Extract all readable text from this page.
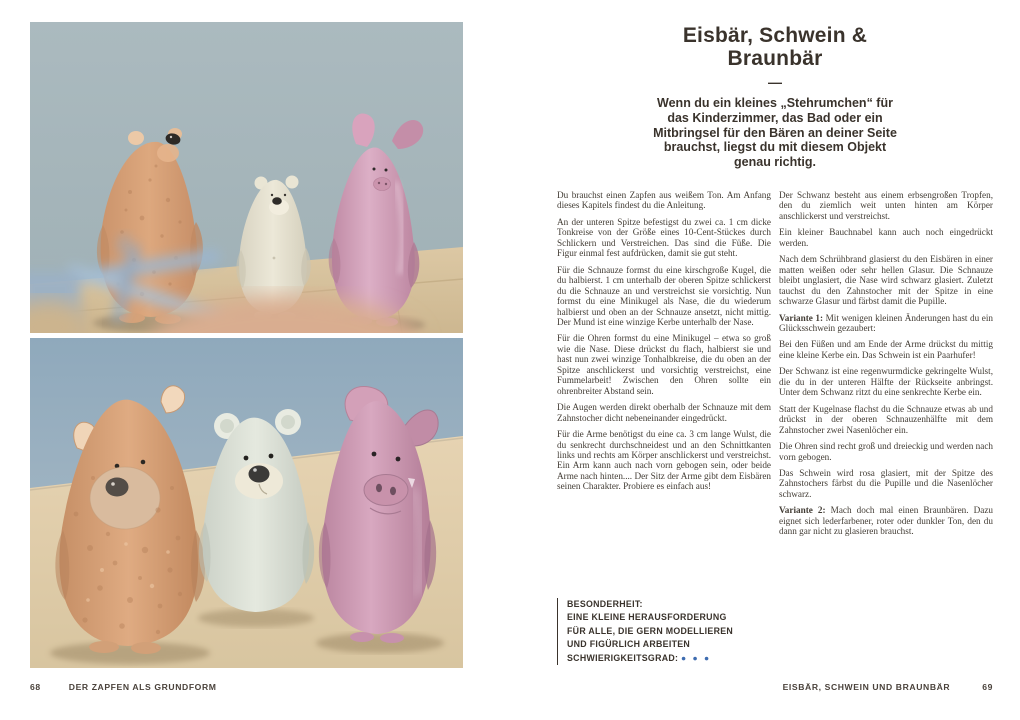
Eisbär, Schwein &
Braunbär
—

Wenn du ein kleines „Stehrumchen“ für das Kinderzimmer, das Bad oder ein Mitbringsel für den Bären an deiner Seite brauchst, liegst du mit diesem Objekt genau richtig.

Du brauchst einen Zapfen aus weißem Ton. Am Anfang dieses Kapitels findest du die Anleitung.

An der unteren Spitze befestigst du zwei ca. 1 cm dicke Tonkreise von der Größe eines 10-Cent-Stückes durch Schlickern und Verstreichen. Das sind die Füße. Die Figur einmal fest aufdrücken, damit sie gut steht.

Für die Schnauze formst du eine kirschgroße Kugel, die du halbierst. 1 cm unterhalb der oberen Spitze schlickerst du die Schnauze an und verstreichst sie vorsichtig. Nun formst du eine Minikugel als Nase, die du wiederum halbierst und oben an der Schnauze ansetzt, nicht mittig. Der Mund ist eine winzige Kerbe unterhalb der Nase.

Für die Ohren formst du eine Minikugel – etwa so groß wie die Nase. Diese drückst du flach, halbierst sie und hast nun zwei winzige Tonhalbkreise, die du oben an der Spitze anschlickerst und vorsichtig verstreichst, eine Fummelarbeit! Zwischen den Ohren sollte ein ohrenbreiter Abstand sein.

Die Augen werden direkt oberhalb der Schnauze mit dem Zahnstocher dicht nebeneinander eingedrückt.

Für die Arme benötigst du eine ca. 3 cm lange Wulst, die du senkrecht durchschneidest und an den Schnittkanten links und rechts am Körper anschlickerst und verstreichst. Ein Arm kann auch nach vorn gebogen sein, oder beide Arme nach hinten.... Der Sitz der Arme gibt dem Eisbären seinen Charakter. Probiere es einfach aus!

BESONDERHEIT:
EINE KLEINE HERAUSFORDERUNG
FÜR ALLE, DIE GERN MODELLIEREN
UND FIGÜRLICH ARBEITEN
SCHWIERIGKEITSGRAD: ● ● ●

Der Schwanz besteht aus einem erbsengroßen Tropfen, den du ziemlich weit unten hinten am Körper anschlickerst und verstreichst.

Ein kleiner Bauchnabel kann auch noch eingedrückt werden.

Nach dem Schrühbrand glasierst du den Eisbären in einer matten weißen oder sehr hellen Glasur. Die Schnauze bleibt unglasiert, die Nase wird schwarz glasiert. Zuletzt tauchst du den Zahnstocher mit der Spitze in eine schwarze Glasur und färbst damit die Pupille.

Variante 1: Mit wenigen kleinen Änderungen hast du ein Glücksschwein gezaubert:

Bei den Füßen und am Ende der Arme drückst du mittig eine kleine Kerbe ein. Das Schwein ist ein Paarhufer!

Der Schwanz ist eine regenwurmdicke gekringelte Wulst, die du in der unteren Hälfte der Rückseite anbringst. Unter dem Schwanz ritzt du eine senkrechte Kerbe ein.

Statt der Kugelnase flachst du die Schnauze etwas ab und drückst in der oberen Schnauzenhälfte mit dem Zahnstocher zwei Nasenlöcher ein.

Die Ohren sind recht groß und dreieckig und werden nach vorn gebogen.

Das Schwein wird rosa glasiert, mit der Spitze des Zahnstochers färbst du die Pupille und die Nasenlöcher schwarz.

Variante 2: Mach doch mal einen Braunbären. Dazu eignet sich lederfarbener, roter oder dunkler Ton, den du dann gar nicht zu glasieren brauchst.

68	DER ZAPFEN ALS GRUNDFORM	EISBÄR, SCHWEIN UND BRAUNBÄR	69
